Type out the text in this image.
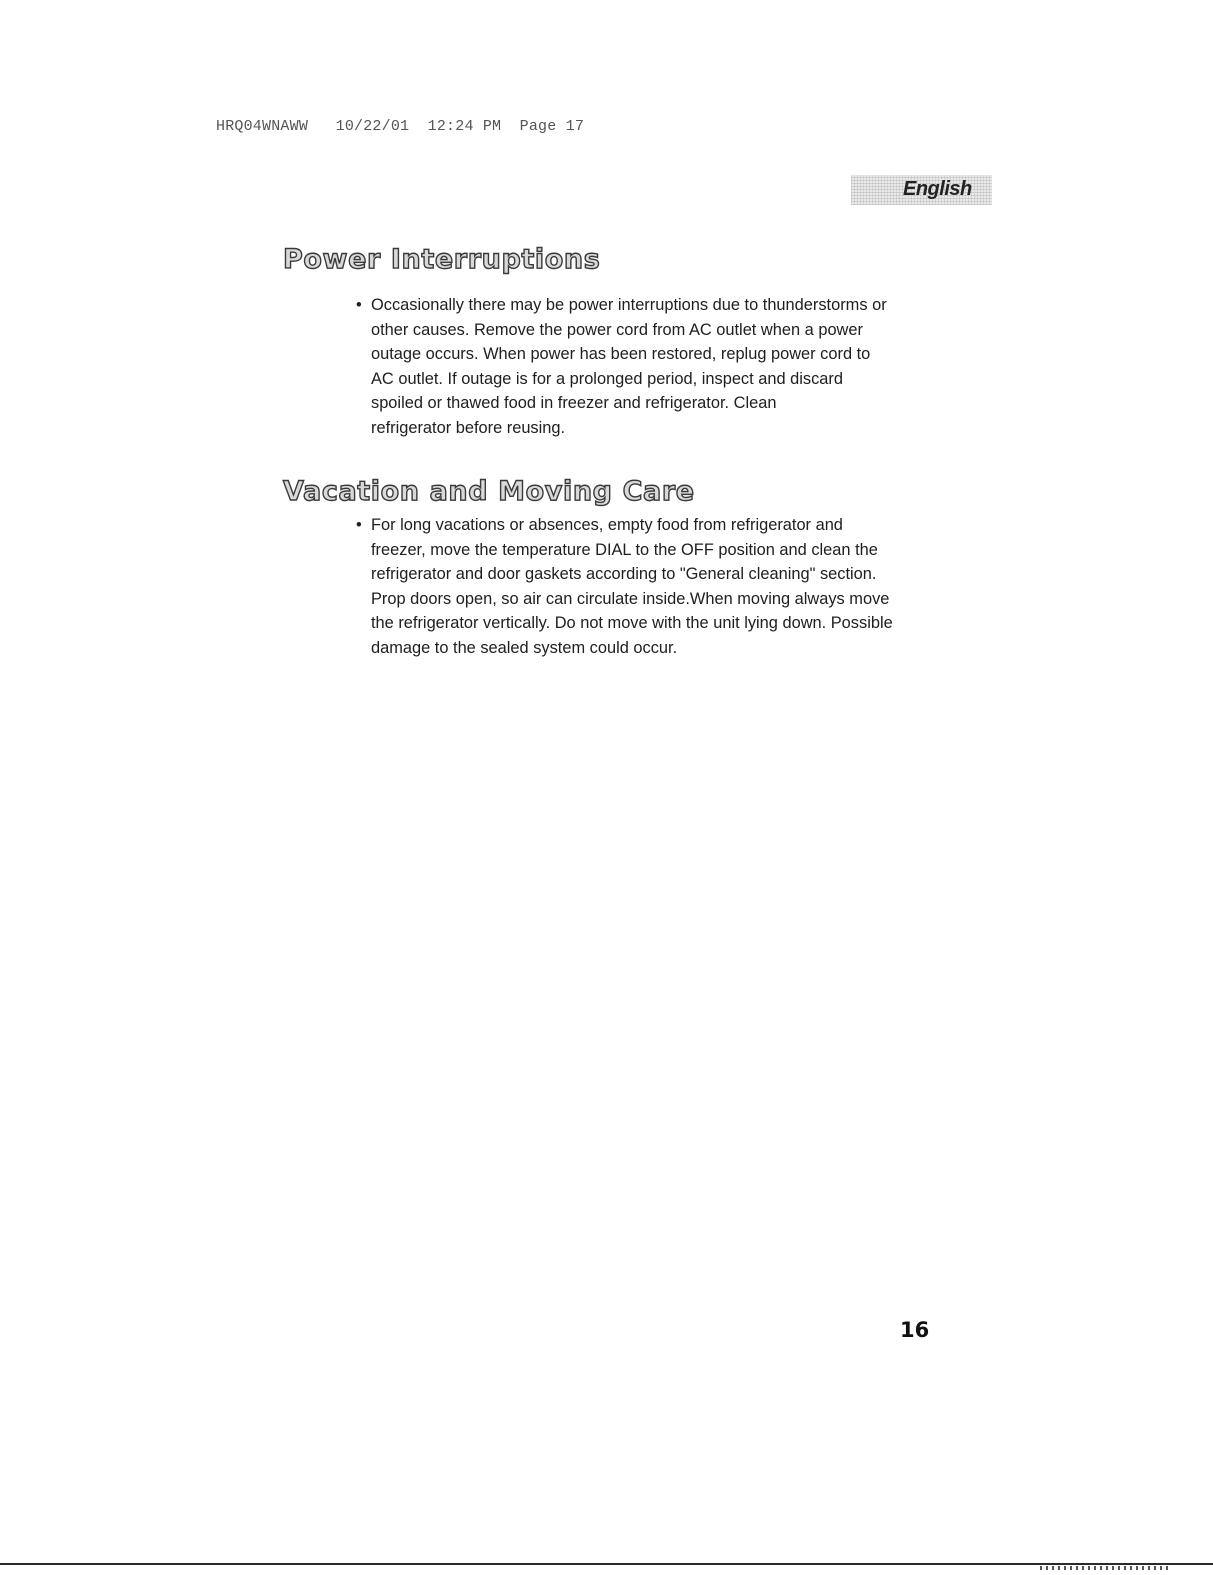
HRQ04WNAWW   10/22/01  12:24 PM  Page 17
English
Power Interruptions
• Occasionally there may be power interruptions due to thunderstorms or
other causes. Remove the power cord from AC outlet when a power
outage occurs. When power has been restored, replug power cord to
AC outlet. If outage is for a prolonged period, inspect and discard
spoiled or thawed food in freezer and refrigerator. Clean
refrigerator before reusing.
Vacation and Moving Care
• For long vacations or absences, empty food from refrigerator and
freezer, move the temperature DIAL to the OFF position and clean the
refrigerator and door gaskets according to "General cleaning" section.
Prop doors open, so air can circulate inside.When moving always move
the refrigerator vertically. Do not move with the unit lying down. Possible
damage to the sealed system could occur.
16
